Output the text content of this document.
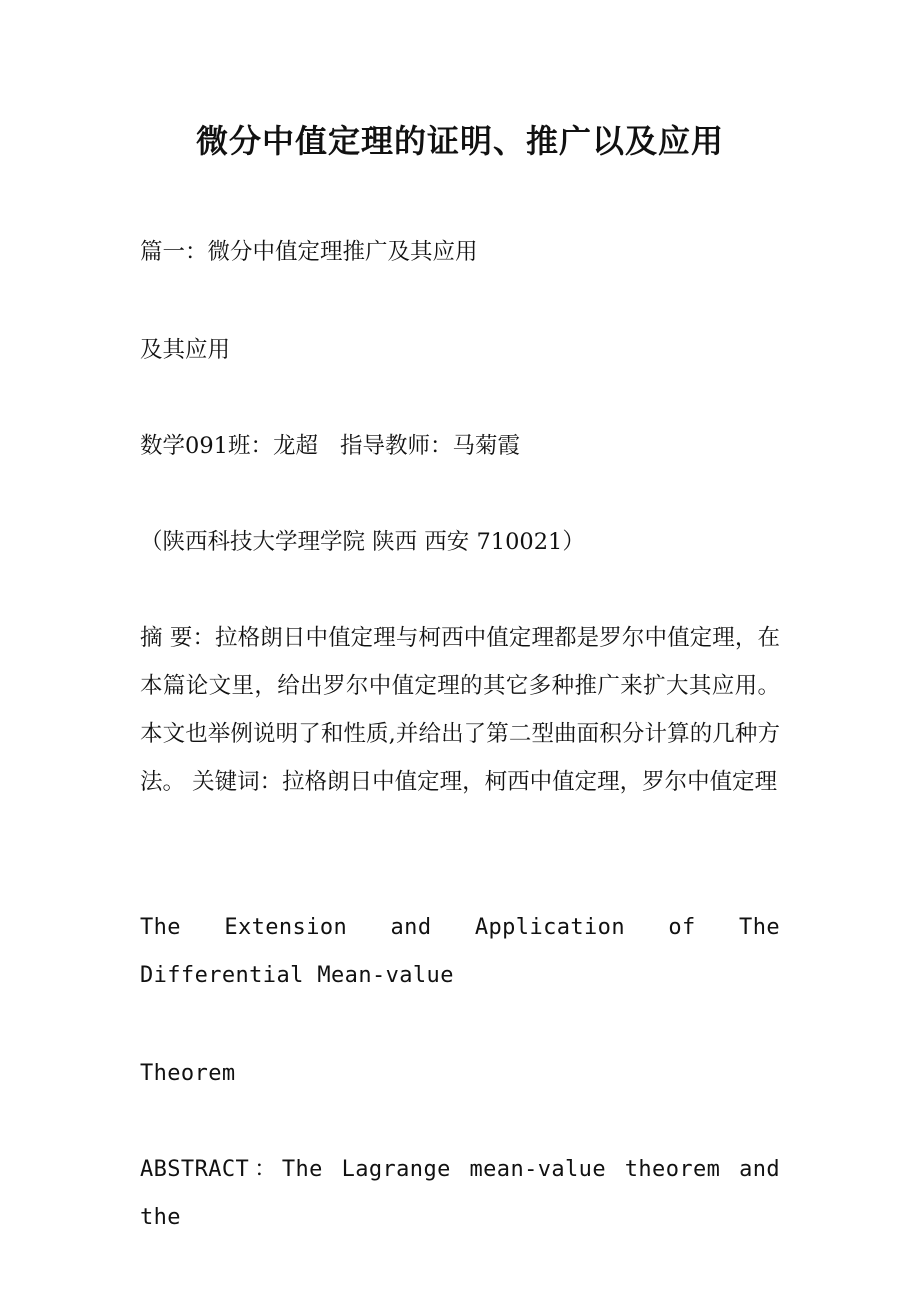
微分中值定理的证明、推广以及应用

篇一：微分中值定理推广及其应用

及其应用

数学091班：龙超 指导教师：马菊霞

（陕西科技大学理学院 陕西 西安 710021）

摘 要：拉格朗日中值定理与柯西中值定理都是罗尔中值定理，在本篇论文里，给出罗尔中值定理的其它多种推广来扩大其应用。本文也举例说明了和性质,并给出了第二型曲面积分计算的几种方法。 关键词：拉格朗日中值定理，柯西中值定理，罗尔中值定理

The Extension and Application of The Differential Mean-value

Theorem

ABSTRACT：The Lagrange mean-value theorem and the
